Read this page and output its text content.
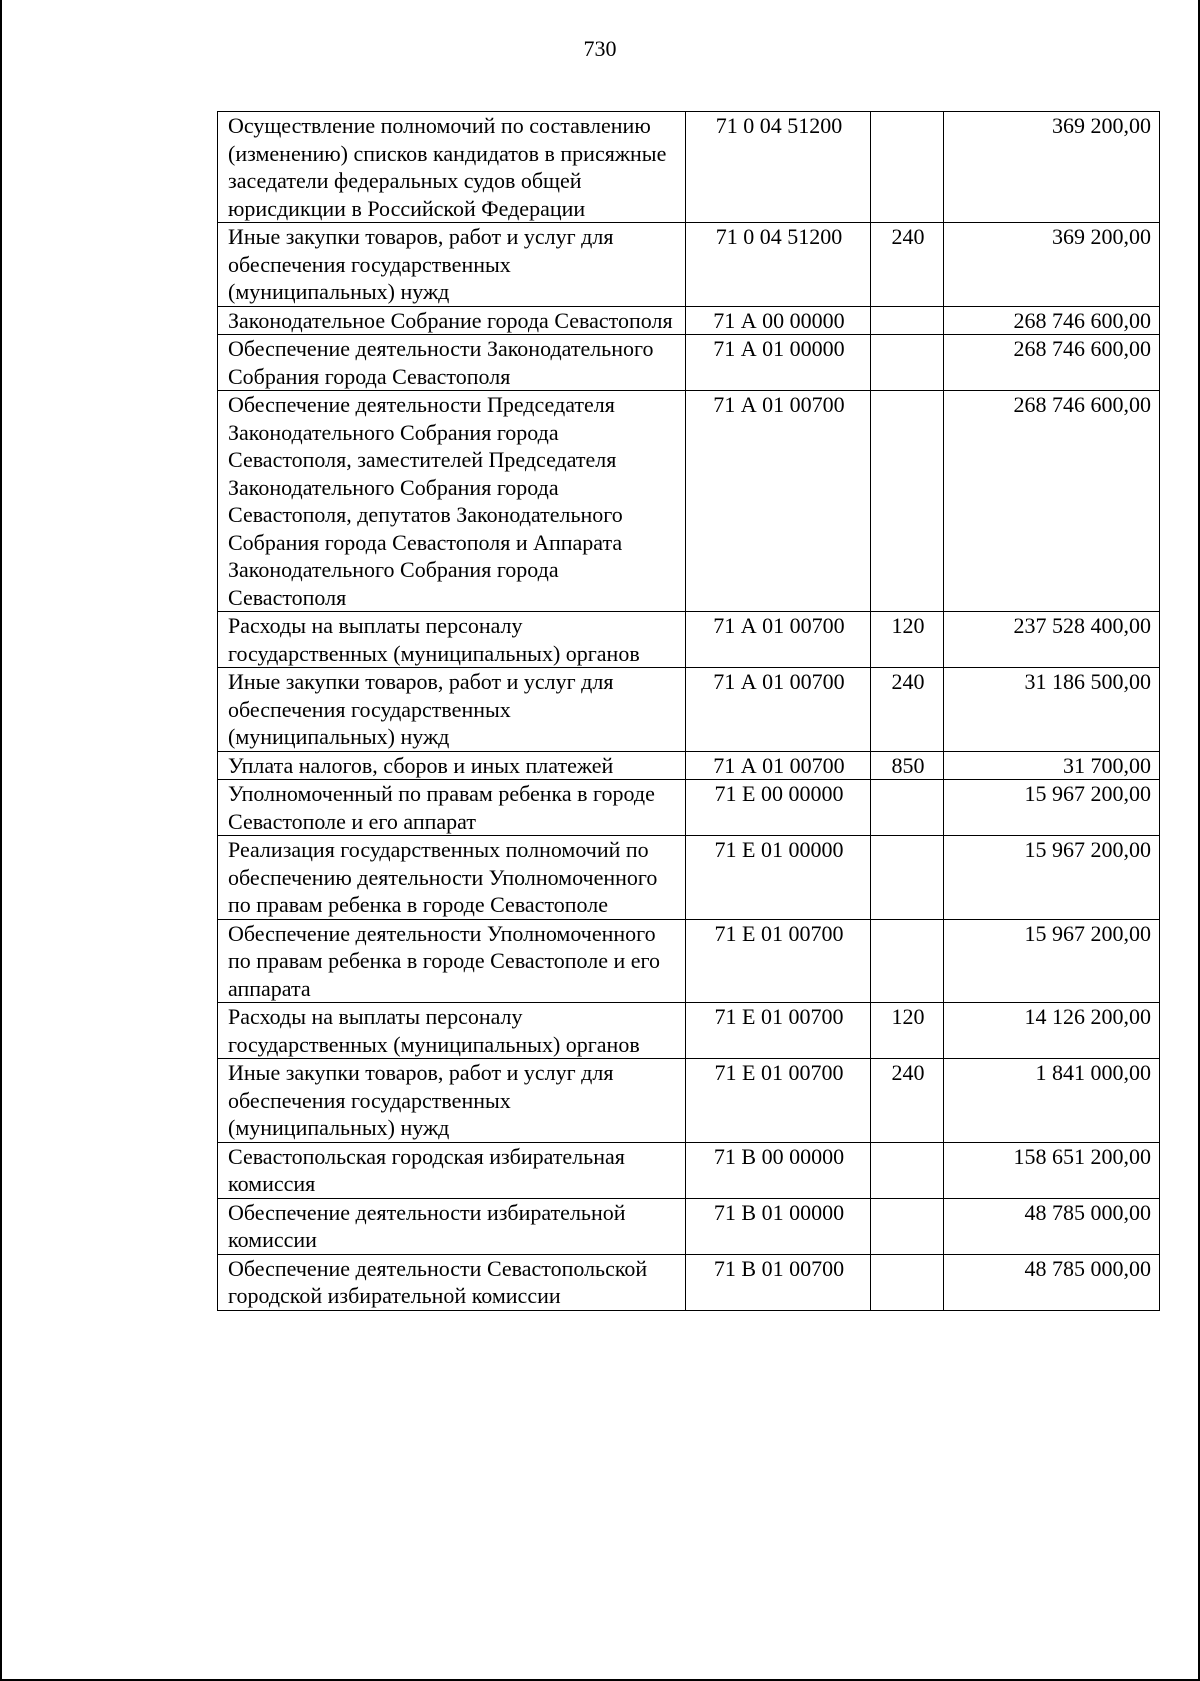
730
Осуществление полномочий по составлению (изменению) списков кандидатов в присяжные заседатели федеральных судов общей юрисдикции в Российской Федерации	71 0 04 51200		369 200,00
Иные закупки товаров, работ и услуг для обеспечения государственных (муниципальных) нужд	71 0 04 51200	240	369 200,00
Законодательное Собрание города Севастополя	71 А 00 00000		268 746 600,00
Обеспечение деятельности Законодательного Собрания города Севастополя	71 А 01 00000		268 746 600,00
Обеспечение деятельности Председателя Законодательного Собрания города Севастополя, заместителей Председателя Законодательного Собрания города Севастополя, депутатов Законодательного Собрания города Севастополя и Аппарата Законодательного Собрания города Севастополя	71 А 01 00700		268 746 600,00
Расходы на выплаты персоналу государственных (муниципальных) органов	71 А 01 00700	120	237 528 400,00
Иные закупки товаров, работ и услуг для обеспечения государственных (муниципальных) нужд	71 А 01 00700	240	31 186 500,00
Уплата налогов, сборов и иных платежей	71 А 01 00700	850	31 700,00
Уполномоченный по правам ребенка в городе Севастополе и его аппарат	71 Е 00 00000		15 967 200,00
Реализация государственных полномочий по обеспечению деятельности Уполномоченного по правам ребенка в городе Севастополе	71 Е 01 00000		15 967 200,00
Обеспечение деятельности Уполномоченного по правам ребенка в городе Севастополе и его аппарата	71 Е 01 00700		15 967 200,00
Расходы на выплаты персоналу государственных (муниципальных) органов	71 Е 01 00700	120	14 126 200,00
Иные закупки товаров, работ и услуг для обеспечения государственных (муниципальных) нужд	71 Е 01 00700	240	1 841 000,00
Севастопольская городская избирательная комиссия	71 В 00 00000		158 651 200,00
Обеспечение деятельности избирательной комиссии	71 В 01 00000		48 785 000,00
Обеспечение деятельности Севастопольской городской избирательной комиссии	71 В 01 00700		48 785 000,00
